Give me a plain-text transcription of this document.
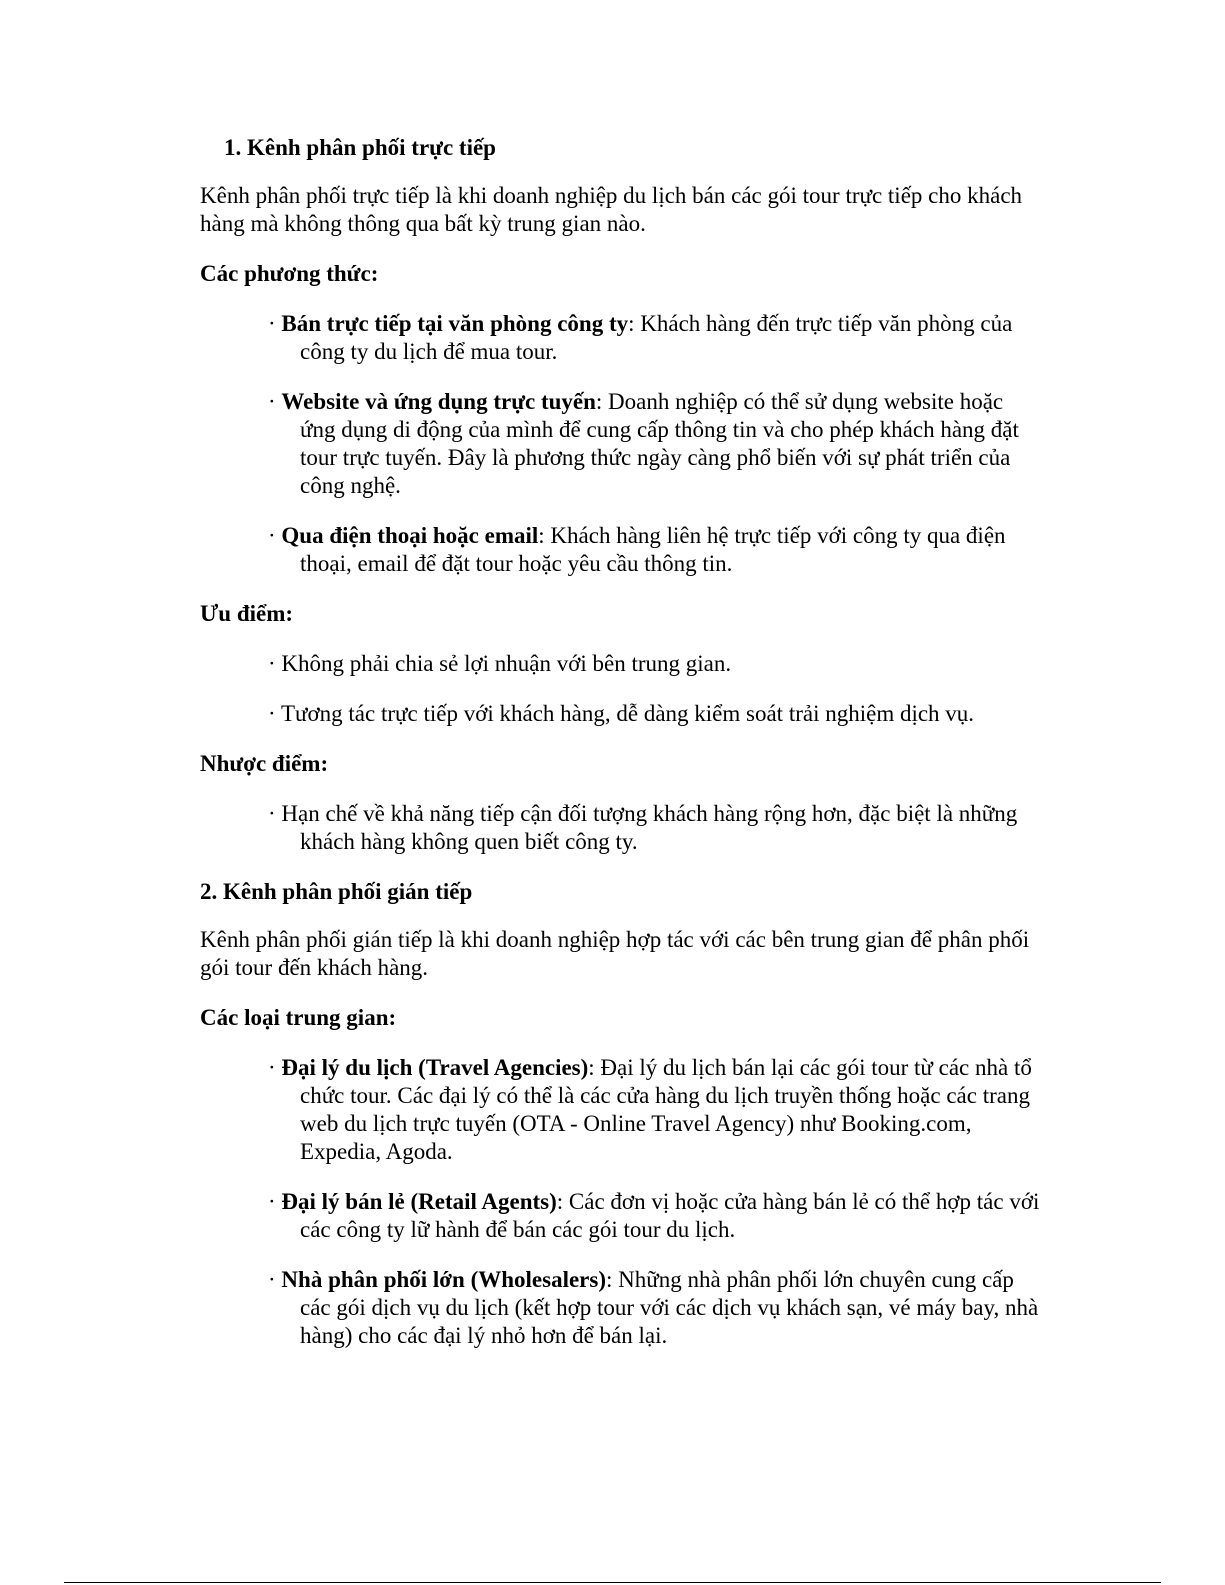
1. Kênh phân phối trực tiếp

Kênh phân phối trực tiếp là khi doanh nghiệp du lịch bán các gói tour trực tiếp cho khách hàng mà không thông qua bất kỳ trung gian nào.

Các phương thức:

· Bán trực tiếp tại văn phòng công ty: Khách hàng đến trực tiếp văn phòng của công ty du lịch để mua tour.
· Website và ứng dụng trực tuyến: Doanh nghiệp có thể sử dụng website hoặc ứng dụng di động của mình để cung cấp thông tin và cho phép khách hàng đặt tour trực tuyến. Đây là phương thức ngày càng phổ biến với sự phát triển của công nghệ.
· Qua điện thoại hoặc email: Khách hàng liên hệ trực tiếp với công ty qua điện thoại, email để đặt tour hoặc yêu cầu thông tin.

Ưu điểm:

· Không phải chia sẻ lợi nhuận với bên trung gian.
· Tương tác trực tiếp với khách hàng, dễ dàng kiểm soát trải nghiệm dịch vụ.

Nhược điểm:

· Hạn chế về khả năng tiếp cận đối tượng khách hàng rộng hơn, đặc biệt là những khách hàng không quen biết công ty.

2. Kênh phân phối gián tiếp

Kênh phân phối gián tiếp là khi doanh nghiệp hợp tác với các bên trung gian để phân phối gói tour đến khách hàng.

Các loại trung gian:

· Đại lý du lịch (Travel Agencies): Đại lý du lịch bán lại các gói tour từ các nhà tổ chức tour. Các đại lý có thể là các cửa hàng du lịch truyền thống hoặc các trang web du lịch trực tuyến (OTA - Online Travel Agency) như Booking.com, Expedia, Agoda.
· Đại lý bán lẻ (Retail Agents): Các đơn vị hoặc cửa hàng bán lẻ có thể hợp tác với các công ty lữ hành để bán các gói tour du lịch.
· Nhà phân phối lớn (Wholesalers): Những nhà phân phối lớn chuyên cung cấp các gói dịch vụ du lịch (kết hợp tour với các dịch vụ khách sạn, vé máy bay, nhà hàng) cho các đại lý nhỏ hơn để bán lại.
